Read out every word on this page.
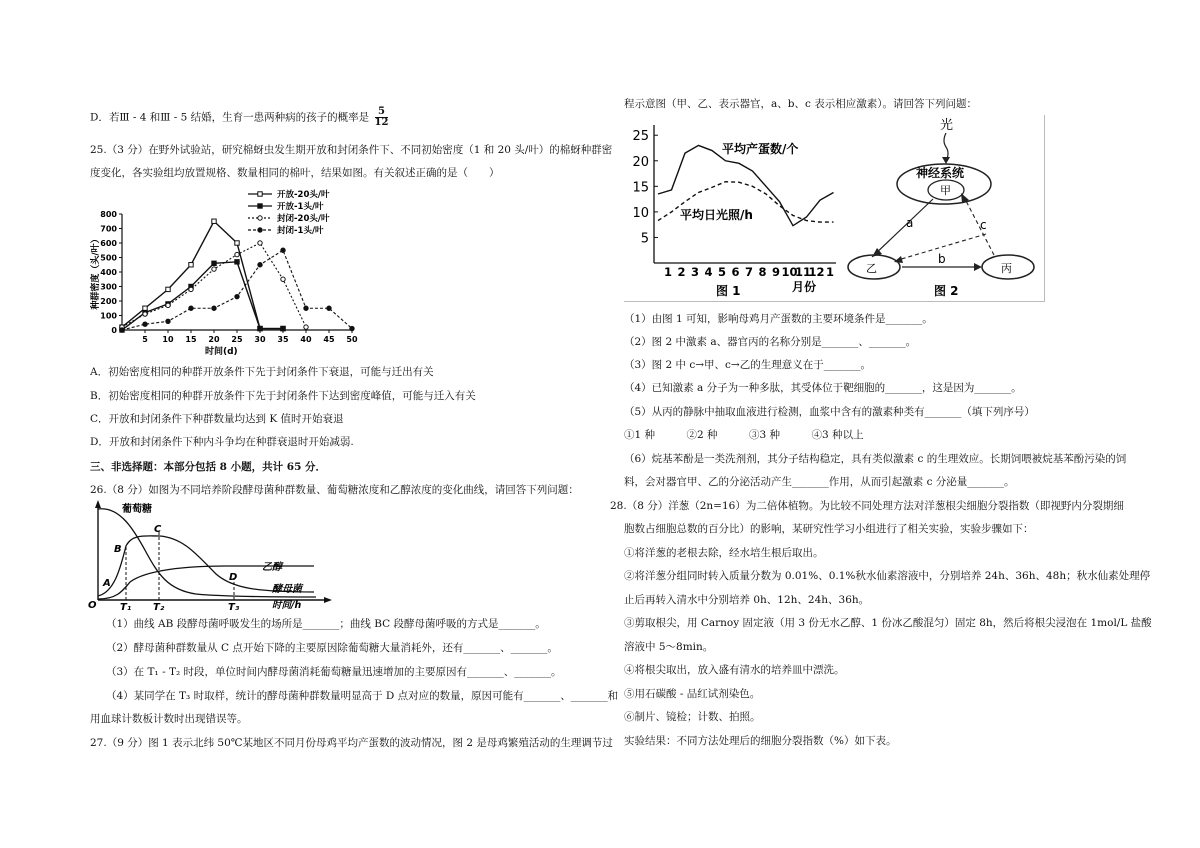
D．若Ⅲ - 4 和Ⅲ - 5 结婚，生育一患两种病的孩子的概率是 $\frac{5}{12}$
25.（3 分）在野外试验站，研究棉蚜虫发生期开放和封闭条件下、不同初始密度（1 和 20 头/叶）的棉蚜种群密
度变化，各实验组均放置规格、数量相同的棉叶，结果如图。有关叙述正确的是（　　）
0
100
200
300
400
500
600
700
800
5 10 15 20 25 30 35 40 45 50
时间(d)
种群密度（头/叶）
开放-20头/叶
开放-1头/叶
封闭-20头/叶
封闭-1头/叶
A．初始密度相同的种群开放条件下先于封闭条件下衰退，可能与迁出有关
B．初始密度相同的种群开放条件下先于封闭条件下达到密度峰值，可能与迁入有关
C．开放和封闭条件下种群数量均达到 K 值时开始衰退
D．开放和封闭条件下种内斗争均在种群衰退时开始减弱.
三、非选择题：本部分包括 8 小题，共计 65 分．
26.（8 分）如图为不同培养阶段酵母菌种群数量、葡萄糖浓度和乙醇浓度的变化曲线，请回答下列问题：
O T₁ T₂	T₃	时间/h
葡萄糖
乙醇
酵母菌
A
B
C
D
（1）曲线 AB 段酵母菌呼吸发生的场所是_______；曲线 BC 段酵母菌呼吸的方式是_______。
（2）酵母菌种群数量从 C 点开始下降的主要原因除葡萄糖大量消耗外，还有_______、_______。
（3）在 T₁ - T₂ 时段，单位时间内酵母菌消耗葡萄糖量迅速增加的主要原因有_______、_______。
（4）某同学在 T₃ 时取样，统计的酵母菌种群数量明显高于 D 点对应的数量，原因可能有_______、_______和
用血球计数板计数时出现错误等。
27.（9 分）图 1 表示北纬 50℃某地区不同月份母鸡平均产蛋数的波动情况，图 2 是母鸡繁殖活动的生理调节过
程示意图（甲、乙、表示器官，a、b、c 表示相应激素）。请回答下列问题：
5
10
15
20
25
1 2 3 4 5 6 7 8 9 10
11
12 1
月份
图 1
平均产蛋数/个
平均日光照/h
光
神经系统
甲
a
乙
b
丙
c
图 2
（1）由图 1 可知，影响母鸡月产蛋数的主要环境条件是_______。
（2）图 2 中激素 a、器官丙的名称分别是_______、_______。
（3）图 2 中 c→甲、c→乙的生理意义在于_______。
（4）已知激素 a 分子为一种多肽，其受体位于靶细胞的_______，这是因为_______。
（5）从丙的静脉中抽取血液进行检测，血浆中含有的激素种类有_______（填下列序号）
①1 种　　　②2 种　　　③3 种　　　④3 种以上
（6）烷基苯酚是一类洗剂剂，其分子结构稳定，具有类似激素 c 的生理效应。长期饲喂被烷基苯酚污染的饲
料，会对器官甲、乙的分泌活动产生_______作用，从而引起激素 c 分泌量_______。
28.（8 分）洋葱（2n=16）为二倍体植物。为比较不同处理方法对洋葱根尖细胞分裂指数（即视野内分裂期细
胞数占细胞总数的百分比）的影响，某研究性学习小组进行了相关实验，实验步骤如下：
①将洋葱的老根去除，经水培生根后取出。
②将洋葱分组同时转入质量分数为 0.01%、0.1%秋水仙素溶液中，分别培养 24h、36h、48h；秋水仙素处理停
止后再转入清水中分别培养 0h、12h、24h、36h。
③剪取根尖，用 Carnoy 固定液（用 3 份无水乙醇、1 份冰乙酸混匀）固定 8h，然后将根尖浸泡在 1mol/L 盐酸
溶液中 5～8min。
④将根尖取出，放入盛有清水的培养皿中漂洗。
⑤用石碳酸 - 品红试剂染色。
⑥制片、镜检；计数、拍照。
实验结果：不同方法处理后的细胞分裂指数（%）如下表。
